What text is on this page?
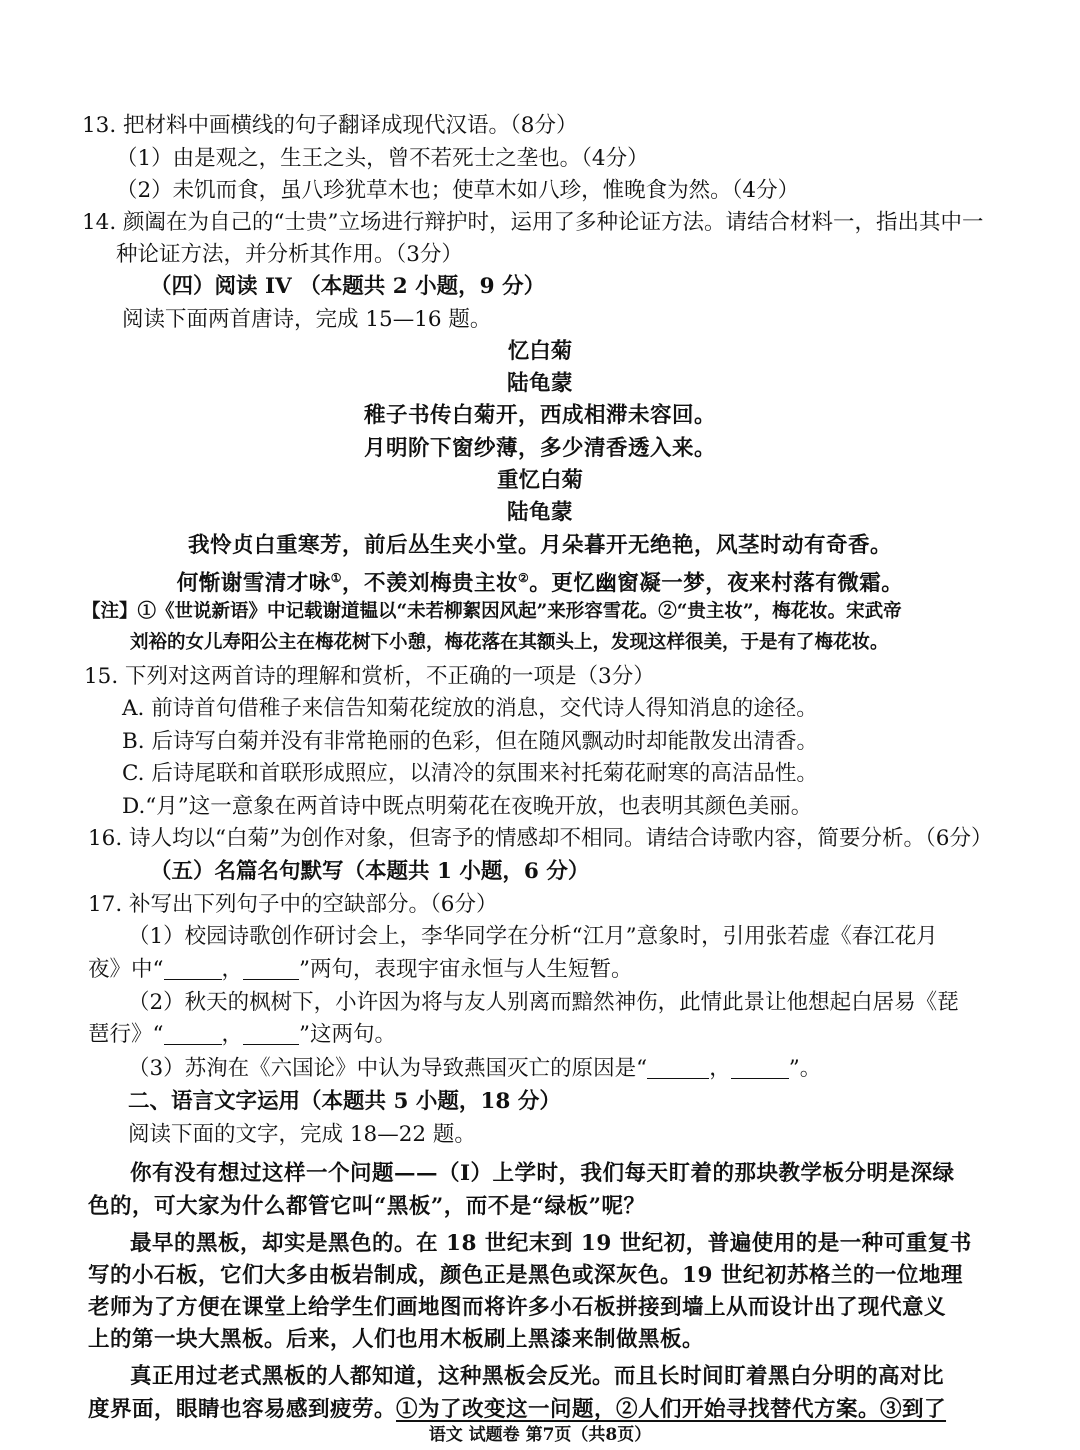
13. 把材料中画横线的句子翻译成现代汉语。（8分）
（1）由是观之，生王之头，曾不若死士之垄也。（4分）
（2）未饥而食，虽八珍犹草木也；使草木如八珍，惟晚食为然。（4分）
14. 颜阖在为自己的“士贵”立场进行辩护时，运用了多种论证方法。请结合材料一，指出其中一
种论证方法，并分析其作用。（3分）
（四）阅读 IV （本题共 2 小题，9 分）
阅读下面两首唐诗，完成 15—16 题。
忆白菊
陆龟蒙
稚子书传白菊开，西成相滞未容回。
月明阶下窗纱薄，多少清香透入来。
重忆白菊
陆龟蒙
我怜贞白重寒芳，前后丛生夹小堂。月朵暮开无绝艳，风茎时动有奇香。
何惭谢雪清才咏①，不羡刘梅贵主妆②。更忆幽窗凝一梦，夜来村落有微霜。
【注】①《世说新语》中记载谢道韫以“未若柳絮因风起”来形容雪花。②“贵主妆”，梅花妆。宋武帝
刘裕的女儿寿阳公主在梅花树下小憩，梅花落在其额头上，发现这样很美，于是有了梅花妆。
15. 下列对这两首诗的理解和赏析，不正确的一项是（3分）
A. 前诗首句借稚子来信告知菊花绽放的消息，交代诗人得知消息的途径。
B. 后诗写白菊并没有非常艳丽的色彩，但在随风飘动时却能散发出清香。
C. 后诗尾联和首联形成照应，以清冷的氛围来衬托菊花耐寒的高洁品性。
D.“月”这一意象在两首诗中既点明菊花在夜晚开放，也表明其颜色美丽。
16. 诗人均以“白菊”为创作对象，但寄予的情感却不相同。请结合诗歌内容，简要分析。（6分）
（五）名篇名句默写（本题共 1 小题，6 分）
17. 补写出下列句子中的空缺部分。（6分）
（1）校园诗歌创作研讨会上，李华同学在分析“江月”意象时，引用张若虚《春江花月
夜》中“	，	”两句，表现宇宙永恒与人生短暂。
（2）秋天的枫树下，小许因为将与友人别离而黯然神伤，此情此景让他想起白居易《琵
琶行》“	，	”这两句。
（3）苏洵在《六国论》中认为导致燕国灭亡的原因是“	，	”。
二、语言文字运用（本题共 5 小题，18 分）
阅读下面的文字，完成 18—22 题。
你有没有想过这样一个问题——（Ⅰ）上学时，我们每天盯着的那块教学板分明是深绿
色的，可大家为什么都管它叫“黑板”，而不是“绿板”呢？
最早的黑板，却实是黑色的。在 18 世纪末到 19 世纪初，普遍使用的是一种可重复书
写的小石板，它们大多由板岩制成，颜色正是黑色或深灰色。19 世纪初苏格兰的一位地理
老师为了方便在课堂上给学生们画地图而将许多小石板拼接到墙上从而设计出了现代意义
上的第一块大黑板。后来，人们也用木板刷上黑漆来制做黑板。
真正用过老式黑板的人都知道，这种黑板会反光。而且长时间盯着黑白分明的高对比
度界面，眼睛也容易感到疲劳。①为了改变这一问题，②人们开始寻找替代方案。③到了
语文 试题卷 第7页（共8页）
